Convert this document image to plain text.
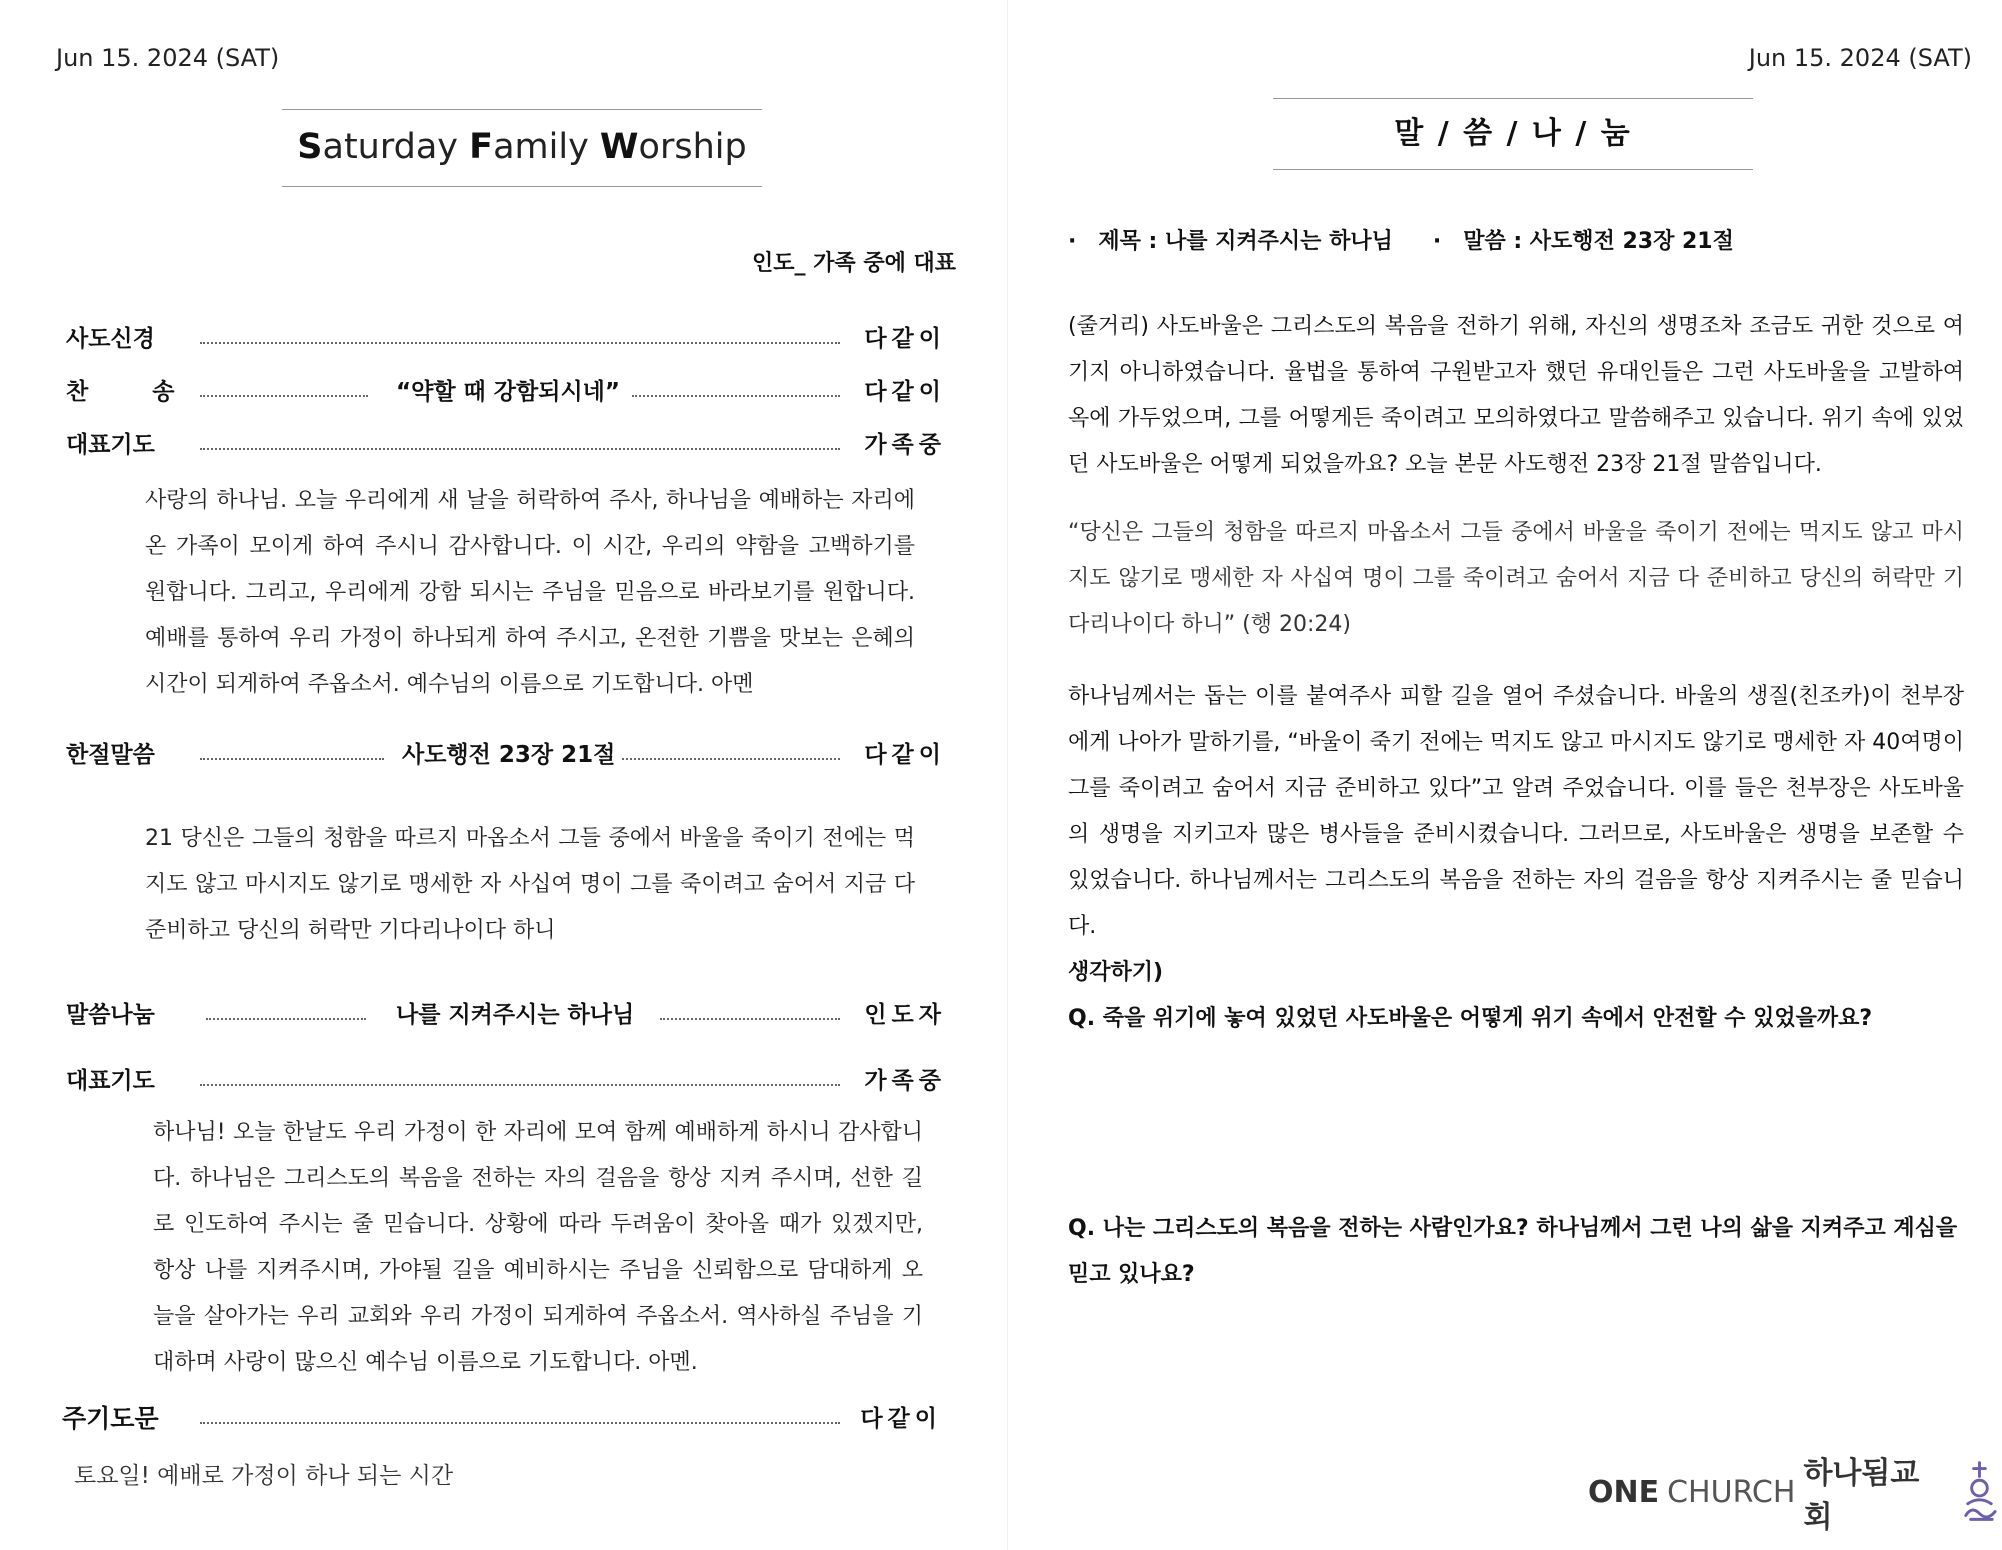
Jun 15. 2024 (SAT)
Saturday Family Worship
인도_ 가족 중에 대표
사도신경	다같이
찬        송	“약할 때 강함되시네”	다같이
대표기도	가족중

사랑의 하나님. 오늘 우리에게 새 날을 허락하여 주사, 하나님을 예배하는 자리에 온 가족이 모이게 하여 주시니 감사합니다. 이 시간, 우리의 약함을 고백하기를 원합니다. 그리고, 우리에게 강함 되시는 주님을 믿음으로 바라보기를 원합니다. 예배를 통하여 우리 가정이 하나되게 하여 주시고, 온전한 기쁨을 맛보는 은혜의 시간이 되게하여 주옵소서. 예수님의 이름으로 기도합니다. 아멘

한절말씀	사도행전 23장 21절	다같이

21 당신은 그들의 청함을 따르지 마옵소서 그들 중에서 바울을 죽이기 전에는 먹지도 않고 마시지도 않기로 맹세한 자 사십여 명이 그를 죽이려고 숨어서 지금 다 준비하고 당신의 허락만 기다리나이다 하니

말씀나눔	나를 지켜주시는 하나님	인도자
대표기도	가족중

하나님! 오늘 한날도 우리 가정이 한 자리에 모여 함께 예배하게 하시니 감사합니다. 하나님은 그리스도의 복음을 전하는 자의 걸음을 항상 지켜 주시며, 선한 길로 인도하여 주시는 줄 믿습니다. 상황에 따라 두려움이 찾아올 때가 있겠지만, 항상 나를 지켜주시며, 가야될 길을 예비하시는 주님을 신뢰함으로 담대하게 오늘을 살아가는 우리 교회와 우리 가정이 되게하여 주옵소서. 역사하실 주님을 기대하며 사랑이 많으신 예수님 이름으로 기도합니다. 아멘.

주기도문	다같이
토요일! 예배로 가정이 하나 되는 시간
Jun 15. 2024 (SAT)
말 / 씀 / 나 / 눔
· 제목 : 나를 지켜주시는 하나님 · 말씀 : 사도행전 23장 21절

(줄거리) 사도바울은 그리스도의 복음을 전하기 위해, 자신의 생명조차 조금도 귀한 것으로 여기지 아니하였습니다. 율법을 통하여 구원받고자 했던 유대인들은 그런 사도바울을 고발하여 옥에 가두었으며, 그를 어떻게든 죽이려고 모의하였다고 말씀해주고 있습니다. 위기 속에 있었던 사도바울은 어떻게 되었을까요? 오늘 본문 사도행전 23장 21절 말씀입니다.

“당신은 그들의 청함을 따르지 마옵소서 그들 중에서 바울을 죽이기 전에는 먹지도 않고 마시지도 않기로 맹세한 자 사십여 명이 그를 죽이려고 숨어서 지금 다 준비하고 당신의 허락만 기다리나이다 하니” (행 20:24)

하나님께서는 돕는 이를 붙여주사 피할 길을 열어 주셨습니다. 바울의 생질(친조카)이 천부장에게 나아가 말하기를, “바울이 죽기 전에는 먹지도 않고 마시지도 않기로 맹세한 자 40여명이 그를 죽이려고 숨어서 지금 준비하고 있다”고 알려 주었습니다. 이를 들은 천부장은 사도바울의 생명을 지키고자 많은 병사들을 준비시켰습니다. 그러므로, 사도바울은 생명을 보존할 수 있었습니다. 하나님께서는 그리스도의 복음을 전하는 자의 걸음을 항상 지켜주시는 줄 믿습니다.

생각하기)
Q. 죽을 위기에 놓여 있었던 사도바울은 어떻게 위기 속에서 안전할 수 있었을까요?
Q. 나는 그리스도의 복음을 전하는 사람인가요? 하나님께서 그런 나의 삶을 지켜주고 계심을 믿고 있나요?
ONE CHURCH
하나됨교회
